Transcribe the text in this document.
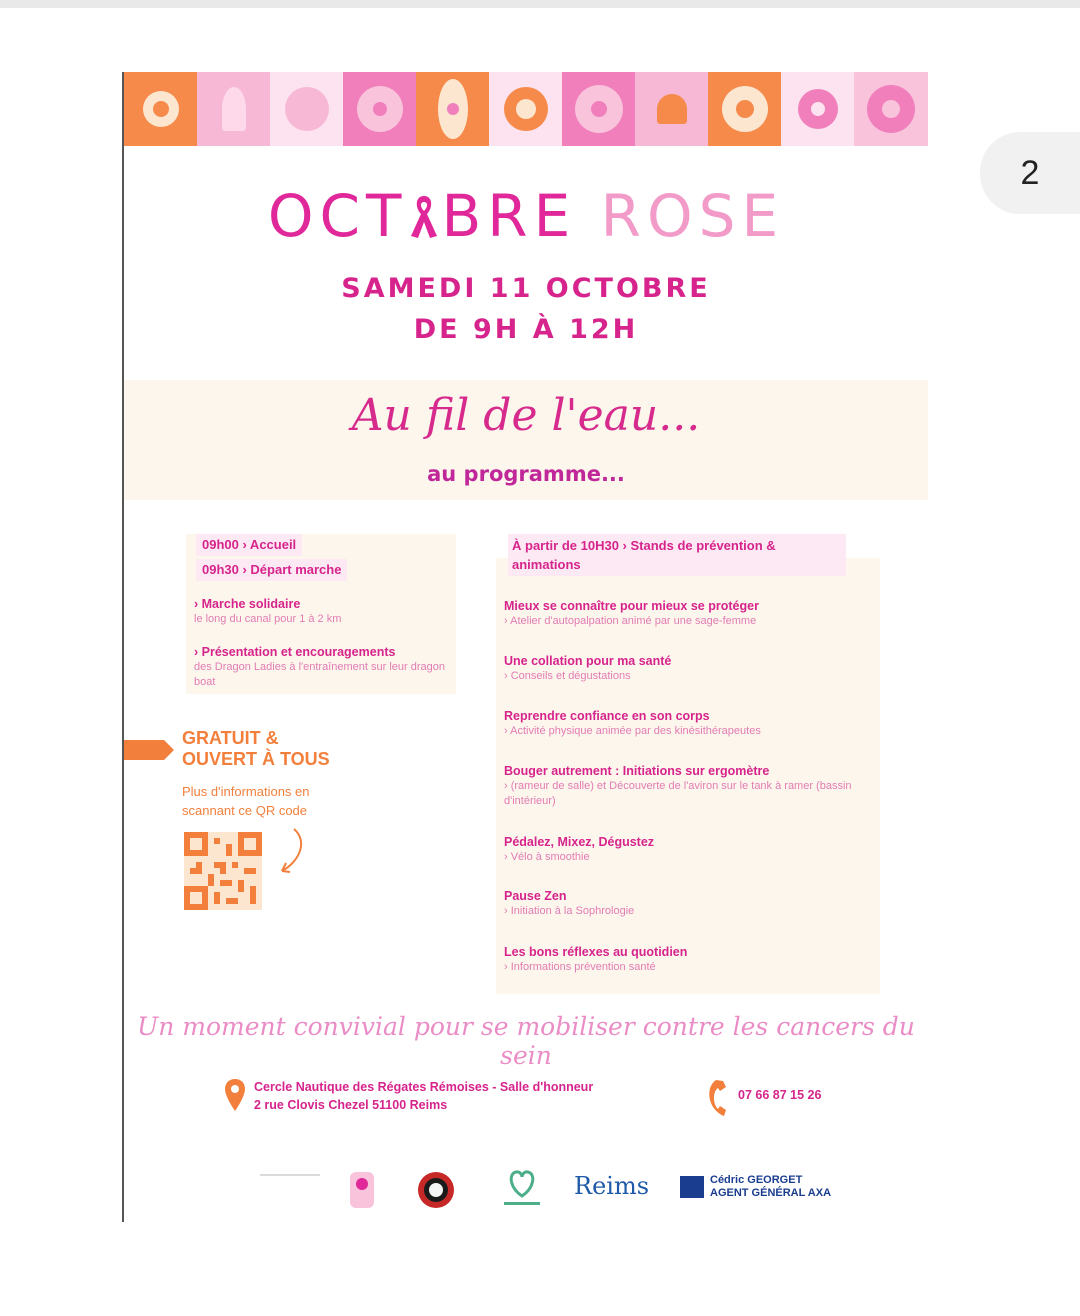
2
OCT BRE ROSE
SAMEDI 11 OCTOBRE
DE 9H À 12H
Au fil de l'eau...
au programme...
09h00 › Accueil
09h30 › Départ marche
› Marche solidaire
le long du canal pour 1 à 2 km
› Présentation et encouragements
des Dragon Ladies à l'entraînement sur leur dragon boat
À partir de 10H30 › Stands de prévention & animations
Mieux se connaître pour mieux se protéger
› Atelier d'autopalpation animé par une sage-femme
Une collation pour ma santé
› Conseils et dégustations
Reprendre confiance en son corps
› Activité physique animée par des kinésithérapeutes
Bouger autrement : Initiations sur ergomètre
› (rameur de salle) et Découverte de l'aviron sur le tank à ramer (bassin d'intérieur)
Pédalez, Mixez, Dégustez
› Vélo à smoothie
Pause Zen
› Initiation à la Sophrologie
Les bons réflexes au quotidien
› Informations prévention santé
GRATUIT &
OUVERT À TOUS
Plus d'informations en scannant ce QR code
Un moment convivial pour se mobiliser contre les cancers du sein
Cercle Nautique des Régates Rémoises - Salle d'honneur
2 rue Clovis Chezel 51100 Reims
07 66 87 15 26
Reims	Cédric GEORGET
AGENT GÉNÉRAL AXA
